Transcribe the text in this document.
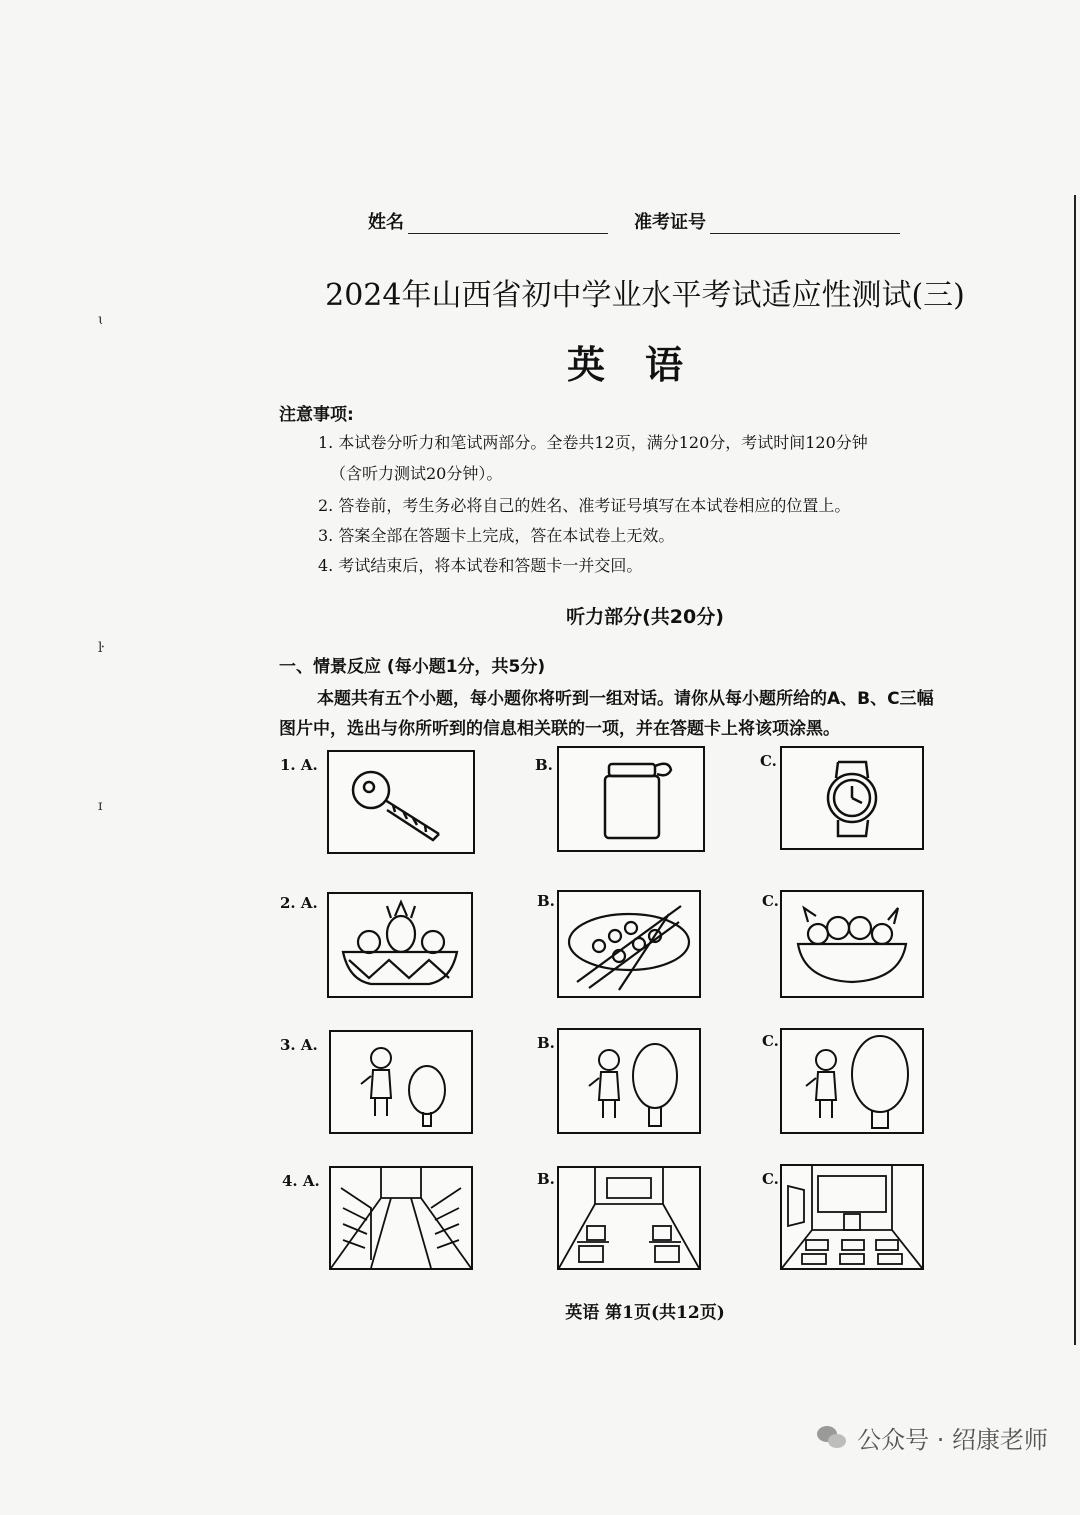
ɩ
ŀ
ɪ
姓名	准考证号
2024年山西省初中学业水平考试适应性测试(三)
英语
注意事项:
1. 本试卷分听力和笔试两部分。全卷共12页，满分120分，考试时间120分钟
（含听力测试20分钟）。
2. 答卷前，考生务必将自己的姓名、准考证号填写在本试卷相应的位置上。
3. 答案全部在答题卡上完成，答在本试卷上无效。
4. 考试结束后，将本试卷和答题卡一并交回。
听力部分(共20分)
一、情景反应 (每小题1分，共5分)
本题共有五个小题，每小题你将听到一组对话。请你从每小题所给的A、B、C三幅
图片中，选出与你所听到的信息相关联的一项，并在答题卡上将该项涂黑。
1. A.	B.	C.
2. A.	B.	C.
3. A.	B.	C.
4. A.	B.	C.
英语 第1页(共12页)
公众号 · 绍康老师
